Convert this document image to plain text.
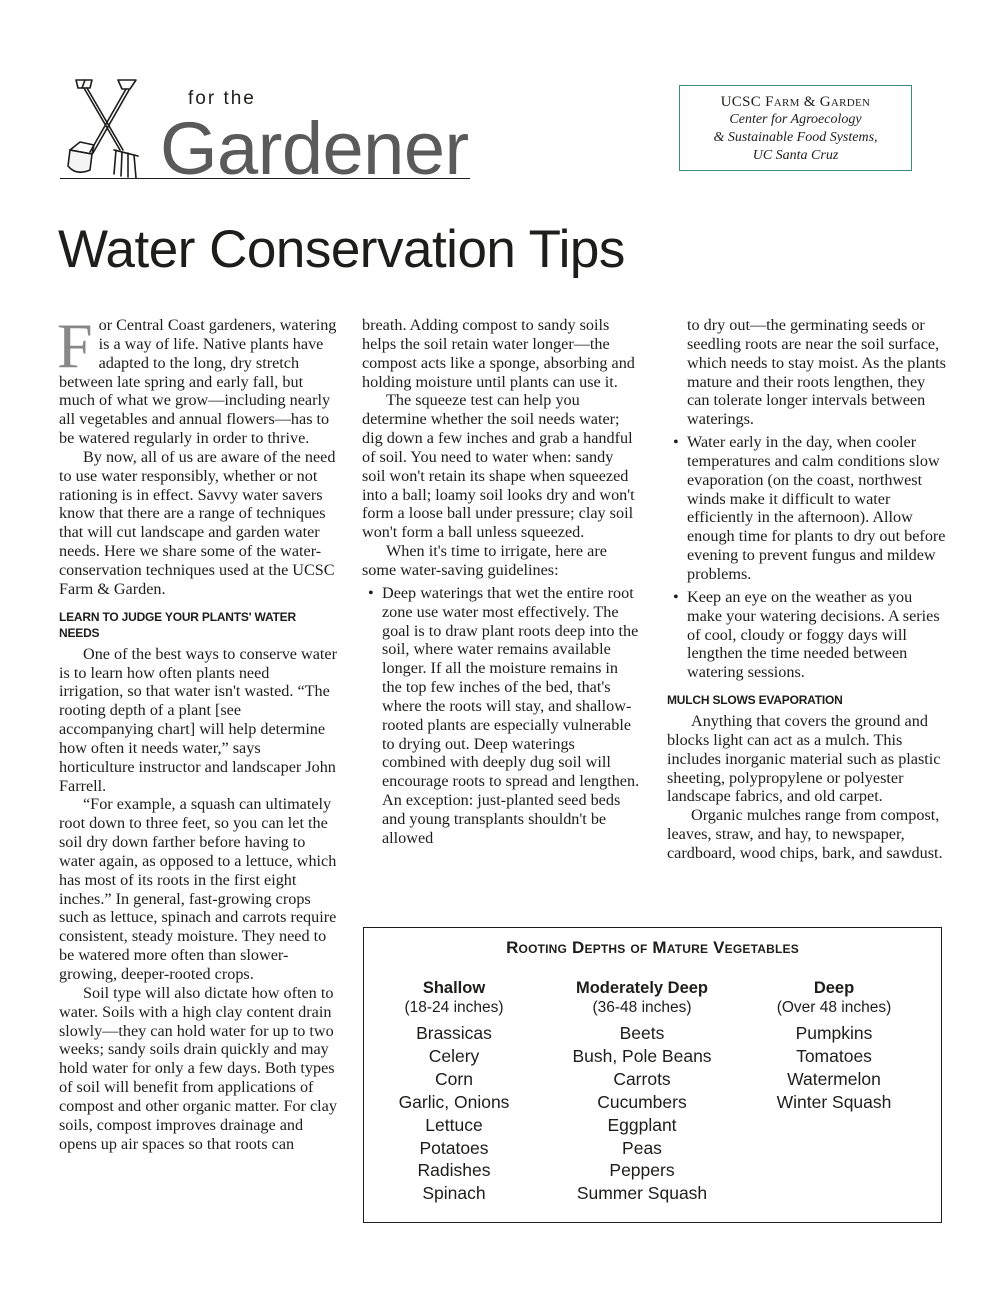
for the
Gardener
UCSC Farm & Garden
Center for Agroecology
& Sustainable Food Systems,
UC Santa Cruz
Water Conservation Tips

For Central Coast gardeners, watering is a way of life. Native plants have adapted to the long, dry stretch between late spring and early fall, but much of what we grow—including nearly all vegetables and annual flowers—has to be watered regularly in order to thrive.

By now, all of us are aware of the need to use water responsibly, whether or not rationing is in effect. Savvy water savers know that there are a range of techniques that will cut landscape and garden water needs. Here we share some of the water-conservation techniques used at the UCSC Farm & Garden.

LEARN TO JUDGE YOUR PLANTS' WATER NEEDS

One of the best ways to conserve water is to learn how often plants need irrigation, so that water isn't wasted. “The rooting depth of a plant [see accompanying chart] will help determine how often it needs water,” says horticulture instructor and landscaper John Farrell.

“For example, a squash can ultimately root down to three feet, so you can let the soil dry down farther before having to water again, as opposed to a lettuce, which has most of its roots in the first eight inches.” In general, fast-growing crops such as lettuce, spinach and carrots require consistent, steady moisture. They need to be watered more often than slower-growing, deeper-rooted crops.

Soil type will also dictate how often to water. Soils with a high clay content drain slowly—they can hold water for up to two weeks; sandy soils drain quickly and may hold water for only a few days. Both types of soil will benefit from applications of compost and other organic matter. For clay soils, compost improves drainage and opens up air spaces so that roots can

breath. Adding compost to sandy soils helps the soil retain water longer—the compost acts like a sponge, absorbing and holding moisture until plants can use it.

The squeeze test can help you determine whether the soil needs water; dig down a few inches and grab a handful of soil. You need to water when: sandy soil won't retain its shape when squeezed into a ball; loamy soil looks dry and won't form a loose ball under pressure; clay soil won't form a ball unless squeezed.

When it's time to irrigate, here are some water-saving guidelines:

• Deep waterings that wet the entire root zone use water most effectively. The goal is to draw plant roots deep into the soil, where water remains available longer. If all the moisture remains in the top few inches of the bed, that's where the roots will stay, and shallow-rooted plants are especially vulnerable to drying out. Deep waterings combined with deeply dug soil will encourage roots to spread and lengthen. An exception: just-planted seed beds and young transplants shouldn't be allowed
to dry out—the germinating seeds or seedling roots are near the soil surface, which needs to stay moist. As the plants mature and their roots lengthen, they can tolerate longer intervals between waterings.
• Water early in the day, when cooler temperatures and calm conditions slow evaporation (on the coast, northwest winds make it difficult to water efficiently in the afternoon). Allow enough time for plants to dry out before evening to prevent fungus and mildew problems.
• Keep an eye on the weather as you make your watering decisions. A series of cool, cloudy or foggy days will lengthen the time needed between watering sessions.
MULCH SLOWS EVAPORATION

Anything that covers the ground and blocks light can act as a mulch. This includes inorganic material such as plastic sheeting, polypropylene or polyester landscape fabrics, and old carpet.

Organic mulches range from compost, leaves, straw, and hay, to newspaper, cardboard, wood chips, bark, and sawdust.

Rooting Depths of Mature Vegetables
Shallow
(18-24 inches)
Brassicas
Celery
Corn
Garlic, Onions
Lettuce
Potatoes
Radishes
Spinach
Moderately Deep
(36-48 inches)
Beets
Bush, Pole Beans
Carrots
Cucumbers
Eggplant
Peas
Peppers
Summer Squash
Deep
(Over 48 inches)
Pumpkins
Tomatoes
Watermelon
Winter Squash
